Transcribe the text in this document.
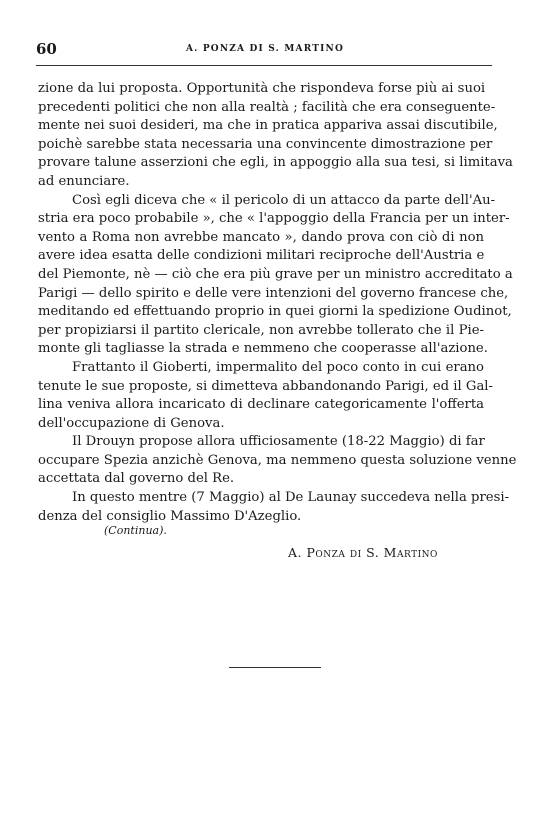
60	A. PONZA DI S. MARTINO
zione da lui proposta. Opportunità che rispondeva forse più ai suoi
precedenti politici che non alla realtà ; facilità che era conseguente-
mente nei suoi desideri, ma che in pratica appariva assai discutibile,
poichè sarebbe stata necessaria una convincente dimostrazione per
provare talune asserzioni che egli, in appoggio alla sua tesi, si limitava
ad enunciare.
Così egli diceva che « il pericolo di un attacco da parte dell'Au-
stria era poco probabile », che « l'appoggio della Francia per un inter-
vento a Roma non avrebbe mancato », dando prova con ciò di non
avere idea esatta delle condizioni militari reciproche dell'Austria e
del Piemonte, nè — ciò che era più grave per un ministro accreditato a
Parigi — dello spirito e delle vere intenzioni del governo francese che,
meditando ed effettuando proprio in quei giorni la spedizione Oudinot,
per propiziarsi il partito clericale, non avrebbe tollerato che il Pie-
monte gli tagliasse la strada e nemmeno che cooperasse all'azione.
Frattanto il Gioberti, impermalito del poco conto in cui erano
tenute le sue proposte, si dimetteva abbandonando Parigi, ed il Gal-
lina veniva allora incaricato di declinare categoricamente l'offerta
dell'occupazione di Genova.
Il Drouyn propose allora ufficiosamente (18-22 Maggio) di far
occupare Spezia anzichè Genova, ma nemmeno questa soluzione venne
accettata dal governo del Re.
In questo mentre (7 Maggio) al De Launay succedeva nella presi-
denza del consiglio Massimo D'Azeglio.
(Continua).
A. Ponza di S. Martino
